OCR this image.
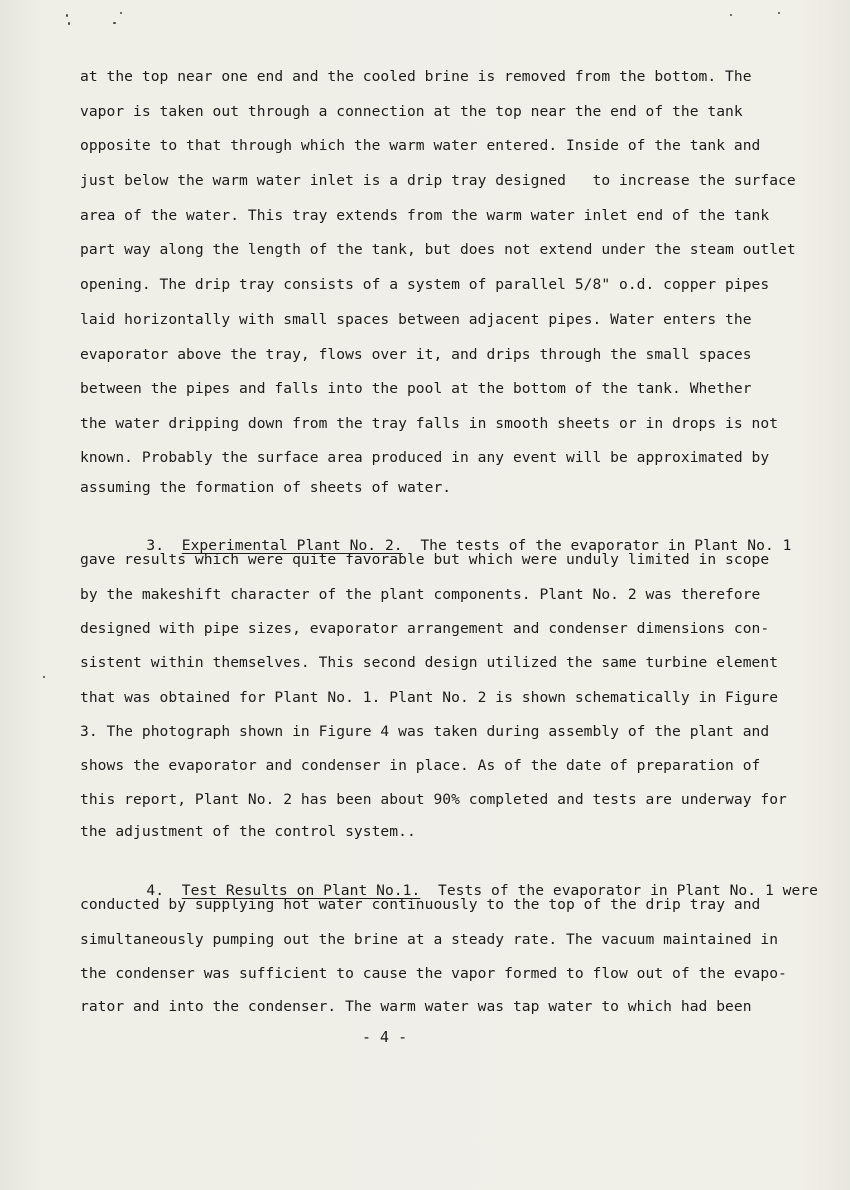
at the top near one end and the cooled brine is removed from the bottom. The
vapor is taken out through a connection at the top near the end of the tank
opposite to that through which the warm water entered. Inside of the tank and
just below the warm water inlet is a drip tray designed   to increase the surface
area of the water. This tray extends from the warm water inlet end of the tank
part way along the length of the tank, but does not extend under the steam outlet
opening. The drip tray consists of a system of parallel 5/8" o.d. copper pipes
laid horizontally with small spaces between adjacent pipes. Water enters the
evaporator above the tray, flows over it, and drips through the small spaces
between the pipes and falls into the pool at the bottom of the tank. Whether
the water dripping down from the tray falls in smooth sheets or in drops is not
known. Probably the surface area produced in any event will be approximated by
assuming the formation of sheets of water.

3. Experimental Plant No. 2. The tests of the evaporator in Plant No. 1

gave results which were quite favorable but which were unduly limited in scope
by the makeshift character of the plant components. Plant No. 2 was therefore
designed with pipe sizes, evaporator arrangement and condenser dimensions con-
sistent within themselves. This second design utilized the same turbine element
that was obtained for Plant No. 1. Plant No. 2 is shown schematically in Figure
3. The photograph shown in Figure 4 was taken during assembly of the plant and
shows the evaporator and condenser in place. As of the date of preparation of
this report, Plant No. 2 has been about 90% completed and tests are underway for
the adjustment of the control system..

4. Test Results on Plant No.1. Tests of the evaporator in Plant No. 1 were

conducted by supplying hot water continuously to the top of the drip tray and
simultaneously pumping out the brine at a steady rate. The vacuum maintained in
the condenser was sufficient to cause the vapor formed to flow out of the evapo-
rator and into the condenser. The warm water was tap water to which had been
- 4 -
